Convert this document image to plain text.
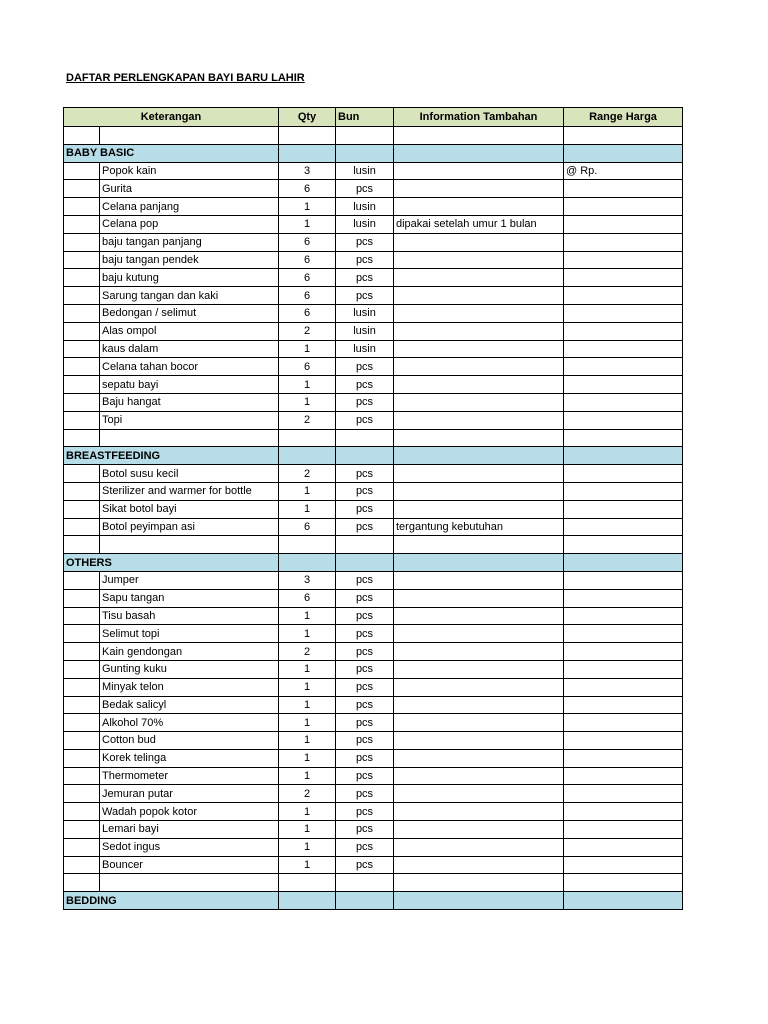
DAFTAR PERLENGKAPAN BAYI BARU LAHIR
Keterangan		Qty	Bun	Information Tambahan	Range Harga

BABY BASIC					
	Popok kain	3	lusin		@ Rp.
	Gurita	6	pcs		
	Celana panjang	1	lusin		
	Celana pop	1	lusin	dipakai setelah umur 1 bulan	
	baju tangan panjang	6	pcs		
	baju tangan pendek	6	pcs		
	baju kutung	6	pcs		
	Sarung tangan dan kaki	6	pcs		
	Bedongan / selimut	6	lusin		
	Alas ompol	2	lusin		
	kaus dalam	1	lusin		
	Celana tahan bocor	6	pcs		
	sepatu bayi	1	pcs		
	Baju hangat	1	pcs		
	Topi	2	pcs		

BREASTFEEDING					
	Botol susu kecil	2	pcs		
	Sterilizer and warmer for bottle	1	pcs		
	Sikat botol bayi	1	pcs		
	Botol peyimpan asi	6	pcs	tergantung kebutuhan	

OTHERS					
	Jumper	3	pcs		
	Sapu tangan	6	pcs		
	Tisu basah	1	pcs		
	Selimut topi	1	pcs		
	Kain gendongan	2	pcs		
	Gunting kuku	1	pcs		
	Minyak telon	1	pcs		
	Bedak salicyl	1	pcs		
	Alkohol 70%	1	pcs		
	Cotton bud	1	pcs		
	Korek telinga	1	pcs		
	Thermometer	1	pcs		
	Jemuran putar	2	pcs		
	Wadah popok kotor	1	pcs		
	Lemari bayi	1	pcs		
	Sedot ingus	1	pcs		
	Bouncer	1	pcs		

BEDDING					
